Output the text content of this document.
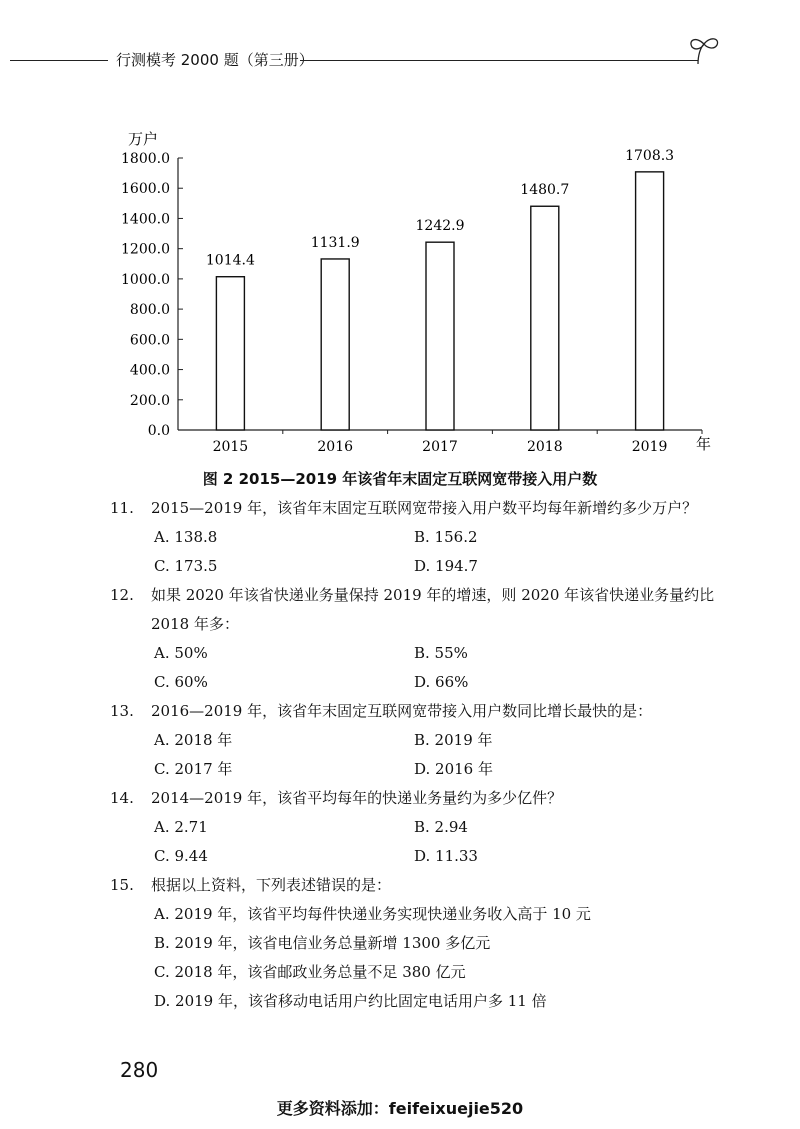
行测模考 2000 题（第三册）
万户
0.0
200.0
400.0
600.0
800.0
1000.0
1200.0
1400.0
1600.0
1800.0
1014.4
2015
1131.9
2016
1242.9
2017
1480.7
2018
1708.3
2019 年
图 2 2015—2019 年该省年末固定互联网宽带接入用户数
11.	2015—2019 年，该省年末固定互联网宽带接入用户数平均每年新增约多少万户？
A. 138.8	B. 156.2
C. 173.5	D. 194.7
12.	如果 2020 年该省快递业务量保持 2019 年的增速，则 2020 年该省快递业务量约比 2018 年多：
A. 50%	B. 55%
C. 60%	D. 66%
13.	2016—2019 年，该省年末固定互联网宽带接入用户数同比增长最快的是：
A. 2018 年	B. 2019 年
C. 2017 年	D. 2016 年
14.	2014—2019 年，该省平均每年的快递业务量约为多少亿件？
A. 2.71	B. 2.94
C. 9.44	D. 11.33
15.	根据以上资料，下列表述错误的是：
A. 2019 年，该省平均每件快递业务实现快递业务收入高于 10 元
B. 2019 年，该省电信业务总量新增 1300 多亿元
C. 2018 年，该省邮政业务总量不足 380 亿元
D. 2019 年，该省移动电话用户约比固定电话用户多 11 倍
280
更多资料添加：feifeixuejie520
